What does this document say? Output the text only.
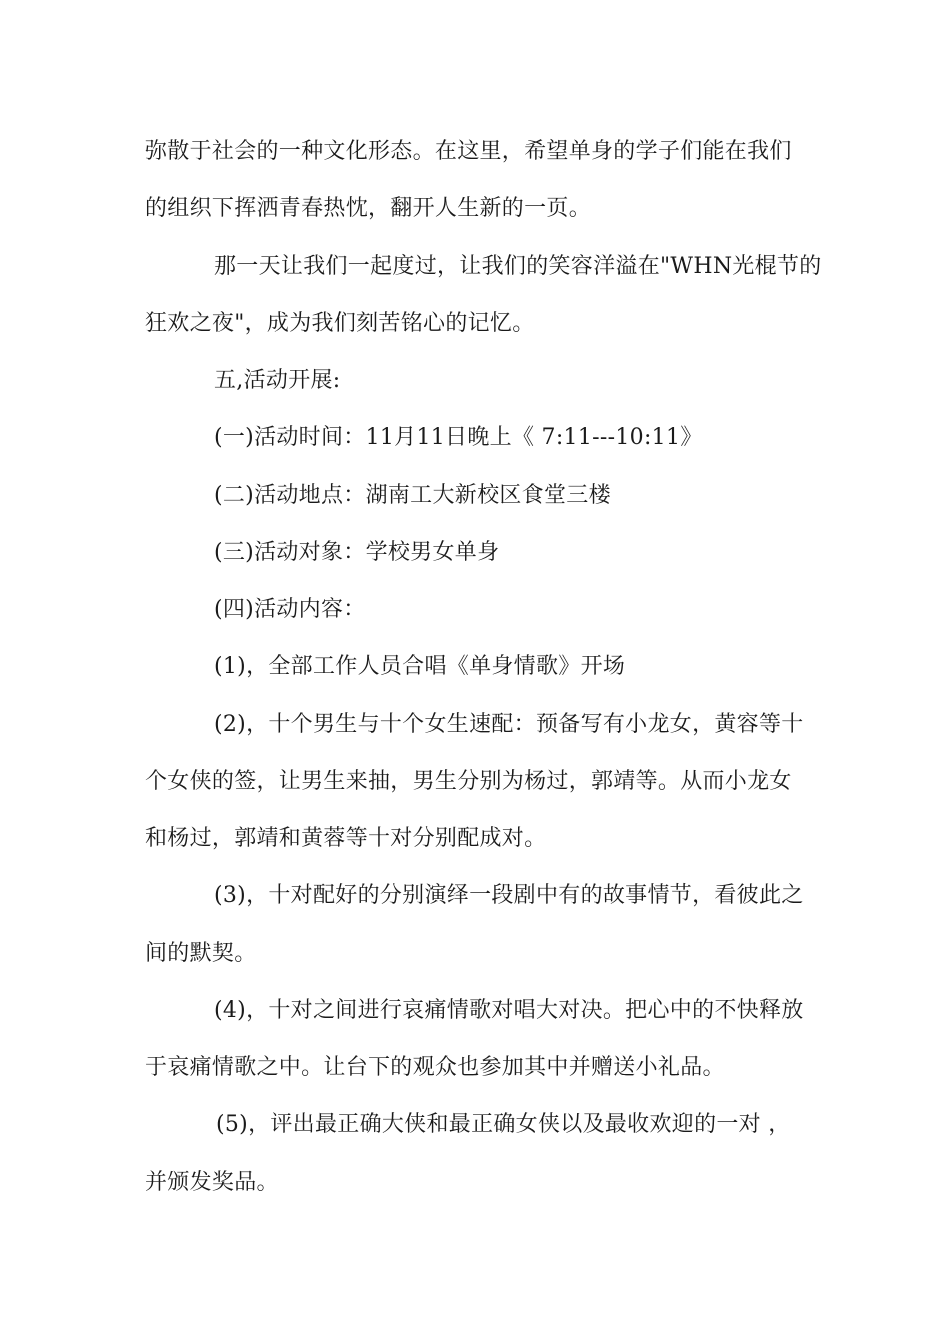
弥散于社会的一种文化形态。在这里，希望单身的学子们能在我们
的组织下挥洒青春热忱，翻开人生新的一页。
那一天让我们一起度过，让我们的笑容洋溢在"WHN光棍节的
狂欢之夜"，成为我们刻苦铭心的记忆。
五,活动开展:
(一)活动时间：11月11日晚上《 7:11---10:11》
(二)活动地点：湖南工大新校区食堂三楼
(三)活动对象：学校男女单身
(四)活动内容：
(1)，全部工作人员合唱《单身情歌》开场
(2)，十个男生与十个女生速配：预备写有小龙女，黄容等十
个女侠的签，让男生来抽，男生分别为杨过，郭靖等。从而小龙女
和杨过，郭靖和黄蓉等十对分别配成对。
(3)，十对配好的分别演绎一段剧中有的故事情节，看彼此之
间的默契。
(4)，十对之间进行哀痛情歌对唱大对决。把心中的不快释放
于哀痛情歌之中。让台下的观众也参加其中并赠送小礼品。
(5)，评出最正确大侠和最正确女侠以及最收欢迎的一对 ，
并颁发奖品。
